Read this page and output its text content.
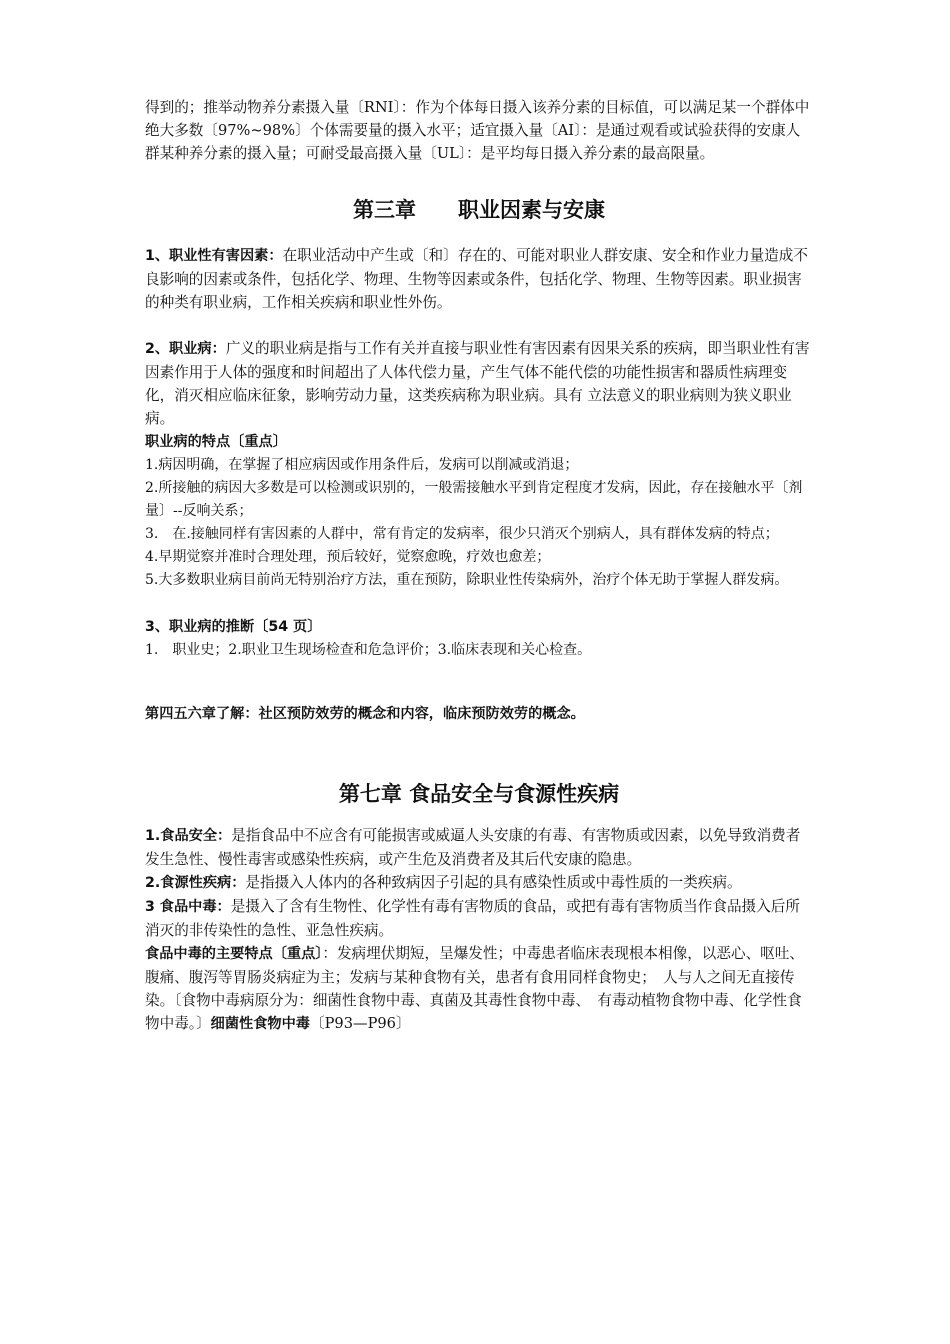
得到的；推举动物养分素摄入量〔RNI〕：作为个体每日摄入该养分素的目标值，可以满足某一个群体中绝大多数〔97%~98%〕个体需要量的摄入水平；适宜摄入量〔AI〕：是通过观看或试验获得的安康人群某种养分素的摄入量；可耐受最高摄入量〔UL〕：是平均每日摄入养分素的最高限量。

第三章　　职业因素与安康

1、职业性有害因素：在职业活动中产生或〔和〕存在的、可能对职业人群安康、安全和作业力量造成不良影响的因素或条件，包括化学、物理、生物等因素或条件，包括化学、物理、生物等因素。职业损害的种类有职业病，工作相关疾病和职业性外伤。

2、职业病：广义的职业病是指与工作有关并直接与职业性有害因素有因果关系的疾病，即当职业性有害因素作用于人体的强度和时间超出了人体代偿力量，产生气体不能代偿的功能性损害和器质性病理变化，消灭相应临床征象，影响劳动力量，这类疾病称为职业病。具有 立法意义的职业病则为狭义职业病。

职业病的特点〔重点〕

1.病因明确，在掌握了相应病因或作用条件后，发病可以削减或消退；

2.所接触的病因大多数是可以检测或识别的，一般需接触水平到肯定程度才发病，因此，存在接触水平〔剂量〕--反响关系；

3.　在.接触同样有害因素的人群中，常有肯定的发病率，很少只消灭个别病人，具有群体发病的特点；

4.早期觉察并准时合理处理，预后较好，觉察愈晚，疗效也愈差；

5.大多数职业病目前尚无特别治疗方法，重在预防，除职业性传染病外，治疗个体无助于掌握人群发病。

3、职业病的推断〔54 页〕

1.　职业史；2.职业卫生现场检查和危急评价；3.临床表现和关心检查。

第四五六章了解：社区预防效劳的概念和内容，临床预防效劳的概念。

第七章 食品安全与食源性疾病

1.食品安全：是指食品中不应含有可能损害或威逼人头安康的有毒、有害物质或因素，以免导致消费者发生急性、慢性毒害或感染性疾病，或产生危及消费者及其后代安康的隐患。

2.食源性疾病：是指摄入人体内的各种致病因子引起的具有感染性质或中毒性质的一类疾病。

3 食品中毒：是摄入了含有生物性、化学性有毒有害物质的食品，或把有毒有害物质当作食品摄入后所消灭的非传染性的急性、亚急性疾病。

食品中毒的主要特点〔重点〕：发病埋伏期短，呈爆发性；中毒患者临床表现根本相像，以恶心、呕吐、腹痛、腹泻等胃肠炎病症为主；发病与某种食物有关，患者有食用同样食物史；　人与人之间无直接传染。〔食物中毒病原分为：细菌性食物中毒、真菌及其毒性食物中毒、　有毒动植物食物中毒、化学性食物中毒。〕细菌性食物中毒〔P93—P96〕
